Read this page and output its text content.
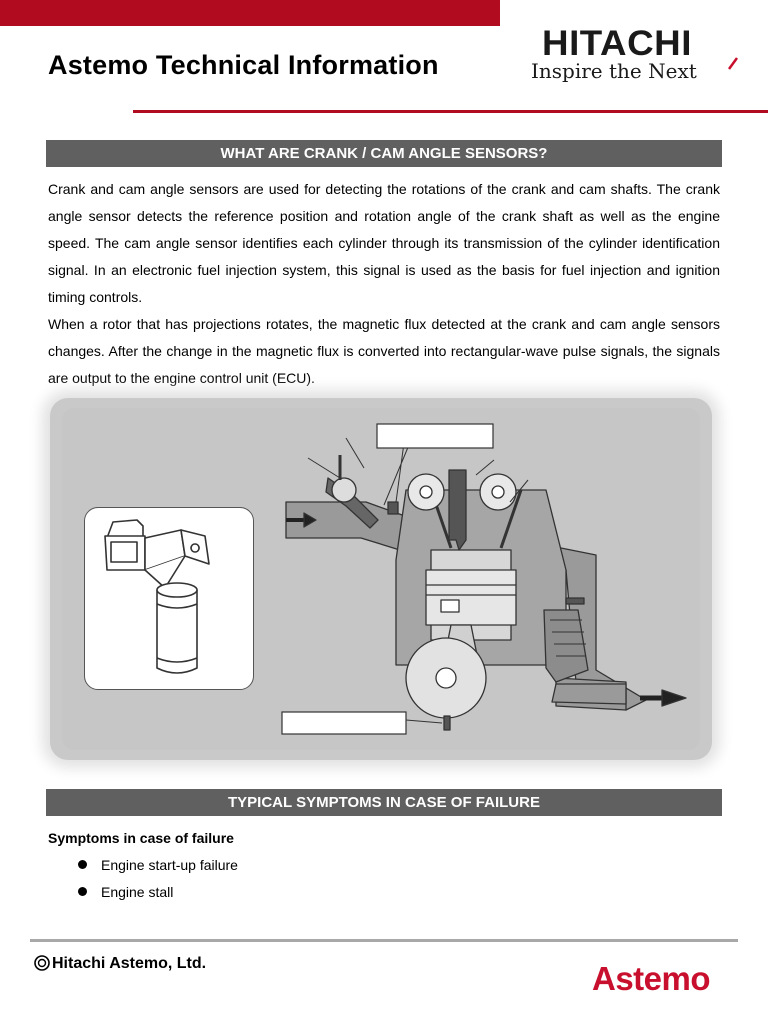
Astemo Technical Information
HITACHI
Inspire the Next
WHAT ARE CRANK / CAM ANGLE SENSORS?

Crank and cam angle sensors are used for detecting the rotations of the crank and cam shafts. The crank angle sensor detects the reference position and rotation angle of the crank shaft as well as the engine speed. The cam angle sensor identifies each cylinder through its transmission of the cylinder identification signal. In an electronic fuel injection system, this signal is used as the basis for fuel injection and ignition timing controls.

When a rotor that has projections rotates, the magnetic flux detected at the crank and cam angle sensors changes. After the change in the magnetic flux is converted into rectangular-wave pulse signals, the signals are output to the engine control unit (ECU).

TYPICAL SYMPTOMS IN CASE OF FAILURE
Symptoms in case of failure
Engine start-up failure
Engine stall
Hitachi Astemo, Ltd.	Astemo
